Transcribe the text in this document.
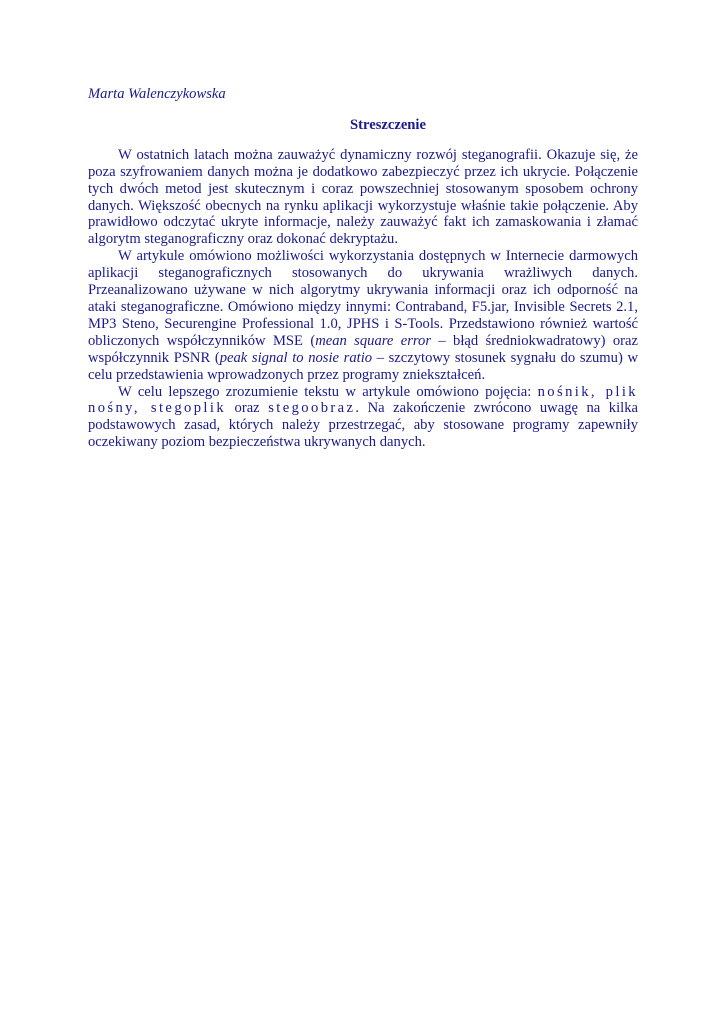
Marta Walenczykowska
Streszczenie

W ostatnich latach można zauważyć dynamiczny rozwój steganografii. Okazuje się, że poza szyfrowaniem danych można je dodatkowo zabezpieczyć przez ich ukrycie. Połączenie tych dwóch metod jest skutecznym i coraz powszechniej stosowanym sposobem ochrony danych. Większość obecnych na rynku aplikacji wykorzystuje właśnie takie połączenie. Aby prawidłowo odczytać ukryte informacje, należy zauważyć fakt ich zamaskowania i złamać algorytm steganograficzny oraz dokonać dekryptażu.

W artykule omówiono możliwości wykorzystania dostępnych w Internecie darmowych aplikacji steganograficznych stosowanych do ukrywania wrażliwych danych. Przeanalizowano używane w nich algorytmy ukrywania informacji oraz ich odporność na ataki steganograficzne. Omówiono między innymi: Contraband, F5.jar, Invisible Secrets 2.1, MP3 Steno, Securengine Professional 1.0, JPHS i S-Tools. Przedstawiono również wartość obliczonych współczynników MSE (mean square error – błąd średniokwadratowy) oraz współczynnik PSNR (peak signal to nosie ratio – szczytowy stosunek sygnału do szumu) w celu przedstawienia wprowadzonych przez programy zniekształceń.

W celu lepszego zrozumienie tekstu w artykule omówiono pojęcia: nośnik, plik nośny, stegoplik oraz stegoobraz. Na zakończenie zwrócono uwagę na kilka podstawowych zasad, których należy przestrzegać, aby stosowane programy zapewniły oczekiwany poziom bezpieczeństwa ukrywanych danych.
